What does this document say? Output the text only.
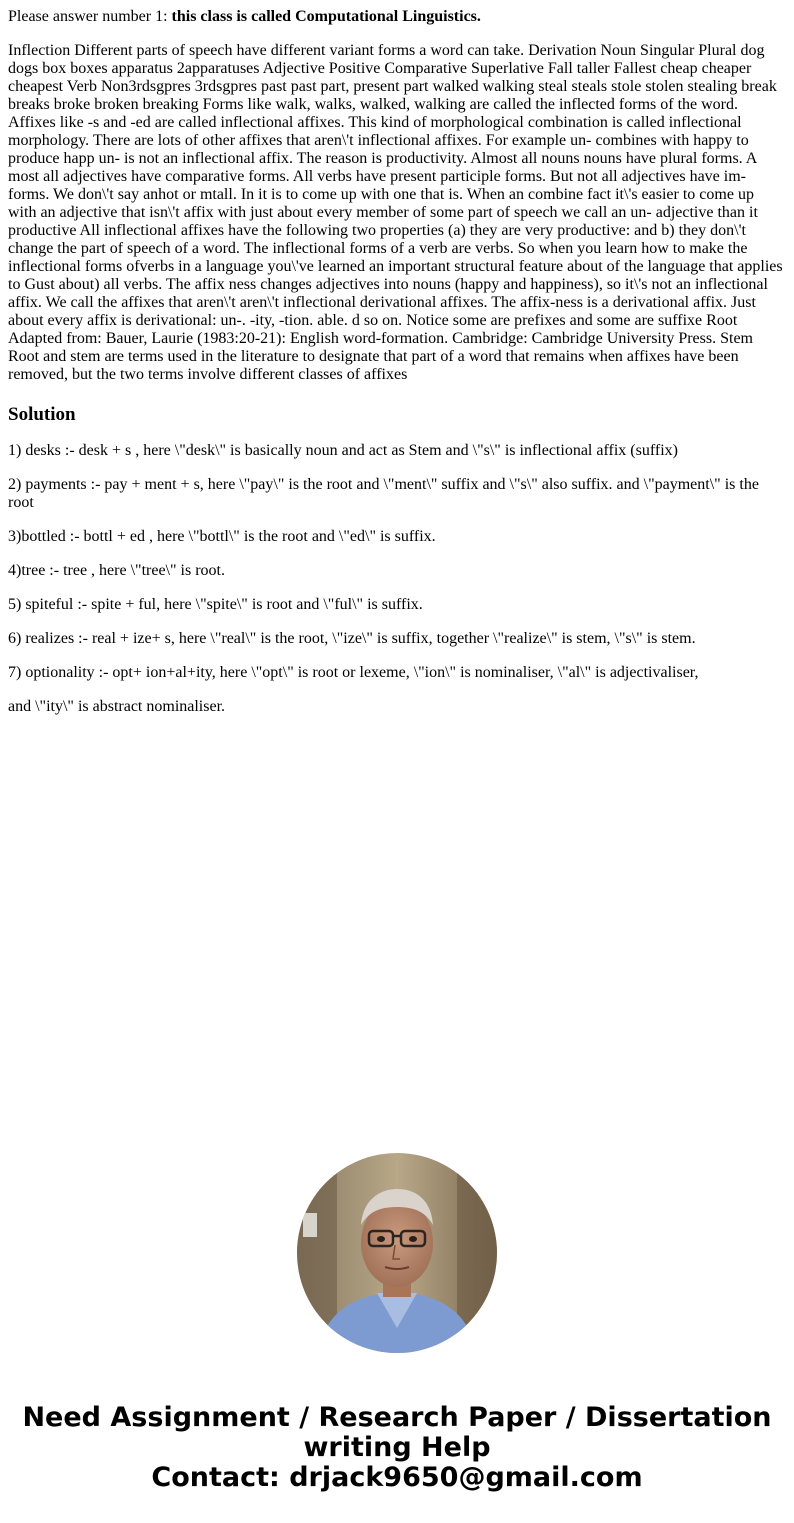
Please answer number 1: this class is called Computational Linguistics.

Inflection Different parts of speech have different variant forms a word can take. Derivation Noun Singular Plural dog dogs box boxes apparatus 2apparatuses Adjective Positive Comparative Superlative Fall taller Fallest cheap cheaper cheapest Verb Non3rdsgpres 3rdsgpres past past part, present part walked walking steal steals stole stolen stealing break breaks broke broken breaking Forms like walk, walks, walked, walking are called the inflected forms of the word. Affixes like -s and -ed are called inflectional affixes. This kind of morphological combination is called inflectional morphology. There are lots of other affixes that aren\'t inflectional affixes. For example un- combines with happy to produce happ un- is not an inflectional affix. The reason is productivity. Almost all nouns nouns have plural forms. A most all adjectives have comparative forms. All verbs have present participle forms. But not all adjectives have im-forms. We don\'t say anhot or mtall. In it is to come up with one that is. When an combine fact it\'s easier to come up with an adjective that isn\'t affix with just about every member of some part of speech we call an un- adjective than it productive All inflectional affixes have the following two properties (a) they are very productive: and b) they don\'t change the part of speech of a word. The inflectional forms of a verb are verbs. So when you learn how to make the inflectional forms ofverbs in a language you\'ve learned an important structural feature about of the language that applies to Gust about) all verbs. The affix ness changes adjectives into nouns (happy and happiness), so it\'s not an inflectional affix. We call the affixes that aren\'t aren\'t inflectional derivational affixes. The affix-ness is a derivational affix. Just about every affix is derivational: un-. -ity, -tion. able. d so on. Notice some are prefixes and some are suffixe Root Adapted from: Bauer, Laurie (1983:20-21): English word-formation. Cambridge: Cambridge University Press. Stem Root and stem are terms used in the literature to designate that part of a word that remains when affixes have been removed, but the two terms involve different classes of affixes

Solution

1) desks :- desk + s , here \"desk\" is basically noun and act as Stem and \"s\" is inflectional affix (suffix)

2) payments :- pay + ment + s, here \"pay\" is the root and \"ment\" suffix and \"s\" also suffix. and \"payment\" is the root

3)bottled :- bottl + ed , here \"bottl\" is the root and \"ed\" is suffix.

4)tree :- tree , here \"tree\" is root.

5) spiteful :- spite + ful, here \"spite\" is root and \"ful\" is suffix.

6) realizes :- real + ize+ s, here \"real\" is the root, \"ize\" is suffix, together \"realize\" is stem, \"s\" is stem.

7) optionality :- opt+ ion+al+ity, here \"opt\" is root or lexeme, \"ion\" is nominaliser, \"al\" is adjectivaliser,

and \"ity\" is abstract nominaliser.

Need Assignment / Research Paper / Dissertation
writing Help
Contact: drjack9650@gmail.com
